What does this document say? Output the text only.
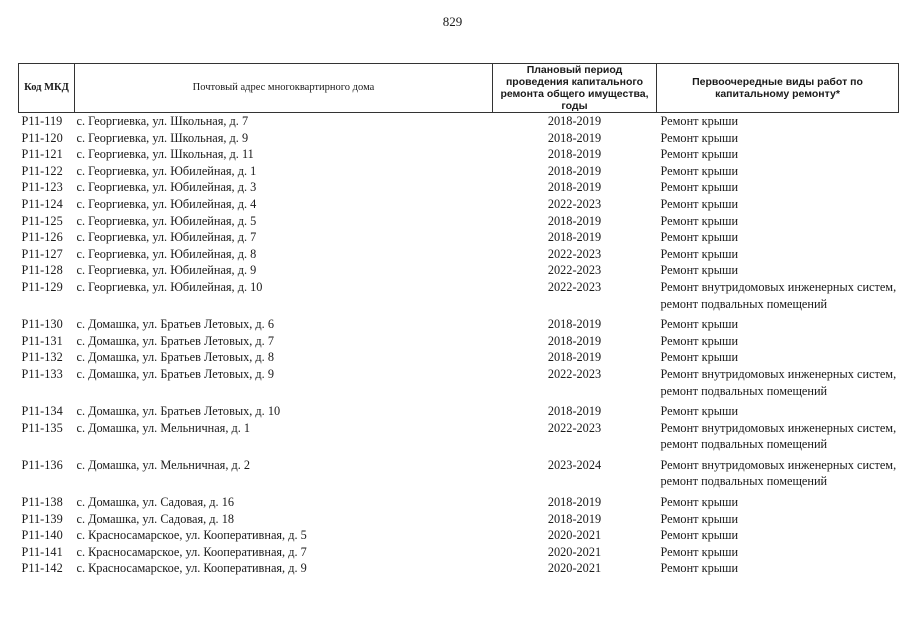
829
Код МКД	Почтовый адрес многоквартирного дома	Плановый период проведения капитального ремонта общего имущества, годы	Первоочередные виды работ по капитальному ремонту*
Р11-119	с. Георгиевка, ул. Школьная, д. 7	2018-2019	Ремонт крыши
Р11-120	с. Георгиевка, ул. Школьная, д. 9	2018-2019	Ремонт крыши
Р11-121	с. Георгиевка, ул. Школьная, д. 11	2018-2019	Ремонт крыши
Р11-122	с. Георгиевка, ул. Юбилейная, д. 1	2018-2019	Ремонт крыши
Р11-123	с. Георгиевка, ул. Юбилейная, д. 3	2018-2019	Ремонт крыши
Р11-124	с. Георгиевка, ул. Юбилейная, д. 4	2022-2023	Ремонт крыши
Р11-125	с. Георгиевка, ул. Юбилейная, д. 5	2018-2019	Ремонт крыши
Р11-126	с. Георгиевка, ул. Юбилейная, д. 7	2018-2019	Ремонт крыши
Р11-127	с. Георгиевка, ул. Юбилейная, д. 8	2022-2023	Ремонт крыши
Р11-128	с. Георгиевка, ул. Юбилейная, д. 9	2022-2023	Ремонт крыши
Р11-129	с. Георгиевка, ул. Юбилейная, д. 10	2022-2023	Ремонт внутридомовых инженерных систем, ремонт подвальных помещений
Р11-130	с. Домашка, ул. Братьев Летовых, д. 6	2018-2019	Ремонт крыши
Р11-131	с. Домашка, ул. Братьев Летовых, д. 7	2018-2019	Ремонт крыши
Р11-132	с. Домашка, ул. Братьев Летовых, д. 8	2018-2019	Ремонт крыши
Р11-133	с. Домашка, ул. Братьев Летовых, д. 9	2022-2023	Ремонт внутридомовых инженерных систем, ремонт подвальных помещений
Р11-134	с. Домашка, ул. Братьев Летовых, д. 10	2018-2019	Ремонт крыши
Р11-135	с. Домашка, ул. Мельничная, д. 1	2022-2023	Ремонт внутридомовых инженерных систем, ремонт подвальных помещений
Р11-136	с. Домашка, ул. Мельничная, д. 2	2023-2024	Ремонт внутридомовых инженерных систем, ремонт подвальных помещений
Р11-138	с. Домашка, ул. Садовая, д. 16	2018-2019	Ремонт крыши
Р11-139	с. Домашка, ул. Садовая, д. 18	2018-2019	Ремонт крыши
Р11-140	с. Красносамарское, ул. Кооперативная, д. 5	2020-2021	Ремонт крыши
Р11-141	с. Красносамарское, ул. Кооперативная, д. 7	2020-2021	Ремонт крыши
Р11-142	с. Красносамарское, ул. Кооперативная, д. 9	2020-2021	Ремонт крыши
